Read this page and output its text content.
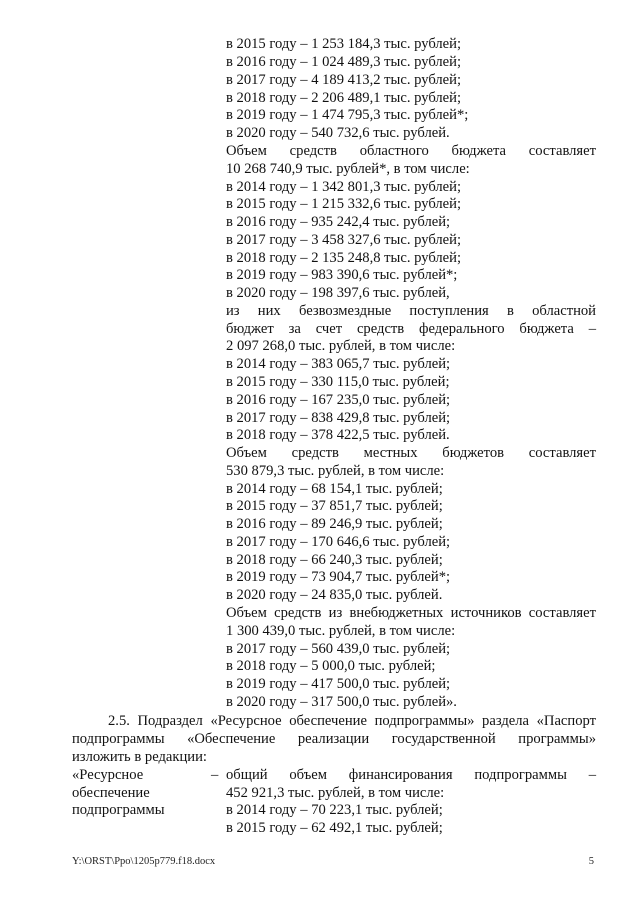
в 2015 году – 1 253 184,3 тыс. рублей;
в 2016 году – 1 024 489,3 тыс. рублей;
в 2017 году – 4 189 413,2 тыс. рублей;
в 2018 году – 2 206 489,1 тыс. рублей;
в 2019 году – 1 474 795,3 тыс. рублей*;
в 2020 году – 540 732,6 тыс. рублей.
Объем средств областного бюджета составляет
10 268 740,9 тыс. рублей*, в том числе:
в 2014 году – 1 342 801,3 тыс. рублей;
в 2015 году – 1 215 332,6 тыс. рублей;
в 2016 году – 935 242,4 тыс. рублей;
в 2017 году – 3 458 327,6 тыс. рублей;
в 2018 году – 2 135 248,8 тыс. рублей;
в 2019 году – 983 390,6 тыс. рублей*;
в 2020 году – 198 397,6 тыс. рублей,
из них безвозмездные поступления в областной
бюджет за счет средств федерального бюджета –
2 097 268,0 тыс. рублей, в том числе:
в 2014 году – 383 065,7 тыс. рублей;
в 2015 году – 330 115,0 тыс. рублей;
в 2016 году – 167 235,0 тыс. рублей;
в 2017 году – 838 429,8 тыс. рублей;
в 2018 году – 378 422,5 тыс. рублей.
Объем средств местных бюджетов составляет
530 879,3 тыс. рублей, в том числе:
в 2014 году – 68 154,1 тыс. рублей;
в 2015 году – 37 851,7 тыс. рублей;
в 2016 году – 89 246,9 тыс. рублей;
в 2017 году – 170 646,6 тыс. рублей;
в 2018 году – 66 240,3 тыс. рублей;
в 2019 году – 73 904,7 тыс. рублей*;
в 2020 году – 24 835,0 тыс. рублей.
Объем средств из внебюджетных источников составляет
1 300 439,0 тыс. рублей, в том числе:
в 2017 году – 560 439,0 тыс. рублей;
в 2018 году – 5 000,0 тыс. рублей;
в 2019 году – 417 500,0 тыс. рублей;
в 2020 году – 317 500,0 тыс. рублей».
2.5. Подраздел «Ресурсное обеспечение подпрограммы» раздела «Паспорт
подпрограммы «Обеспечение реализации государственной программы»
изложить в редакции:
«Ресурсное
обеспечение
подпрограммы
– общий объем финансирования подпрограммы –
452 921,3 тыс. рублей, в том числе:
в 2014 году – 70 223,1 тыс. рублей;
в 2015 году – 62 492,1 тыс. рублей;
Y:\ORST\Ppo\1205p779.f18.docx	5
